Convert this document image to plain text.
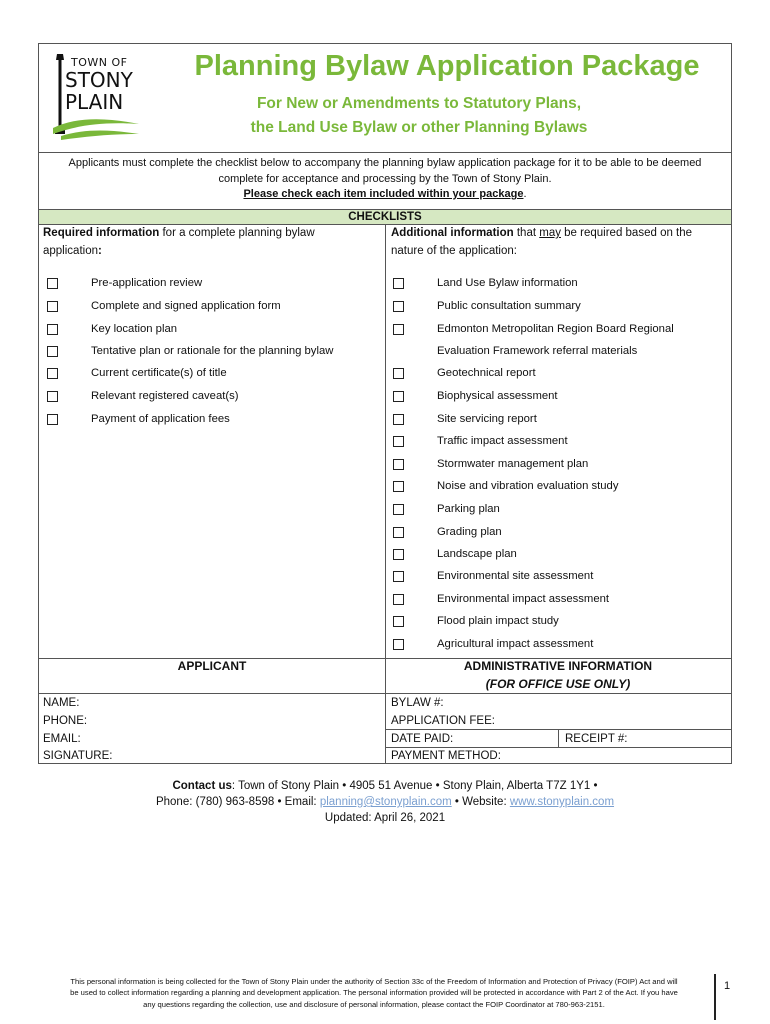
TOWN OF
STONY
PLAIN
Planning Bylaw Application Package
For New or Amendments to Statutory Plans,
the Land Use Bylaw or other Planning Bylaws
Applicants must complete the checklist below to accompany the planning bylaw application package for it to be able to be deemed
complete for acceptance and processing by the Town of Stony Plain.
Please check each item included within your package.
CHECKLISTS
Required information for a complete planning bylaw
application:
Additional information that may be required based on the
nature of the application:
Pre-application review
Complete and signed application form
Key location plan
Tentative plan or rationale for the planning bylaw
Current certificate(s) of title
Relevant registered caveat(s)
Payment of application fees
Land Use Bylaw information
Public consultation summary
Edmonton Metropolitan Region Board Regional
Evaluation Framework referral materials
Geotechnical report
Biophysical assessment
Site servicing report
Traffic impact assessment
Stormwater management plan
Noise and vibration evaluation study
Parking plan
Grading plan
Landscape plan
Environmental site assessment
Environmental impact assessment
Flood plain impact study
Agricultural impact assessment
APPLICANT	ADMINISTRATIVE INFORMATION
(FOR OFFICE USE ONLY)
NAME:
PHONE:
EMAIL:
SIGNATURE:
BYLAW #:
APPLICATION FEE:
DATE PAID:	RECEIPT #:
PAYMENT METHOD:
Contact us: Town of Stony Plain • 4905 51 Avenue • Stony Plain, Alberta T7Z 1Y1 •
Phone: (780) 963-8598 • Email: planning@stonyplain.com • Website: www.stonyplain.com
Updated: April 26, 2021
This personal information is being collected for the Town of Stony Plain under the authority of Section 33c of the Freedom of Information and Protection of Privacy (FOIP) Act and will
be used to collect information regarding a planning and development application. The personal information provided will be protected in accordance with Part 2 of the Act. If you have
any questions regarding the collection, use and disclosure of personal information, please contact the FOIP Coordinator at 780-963-2151.
1
